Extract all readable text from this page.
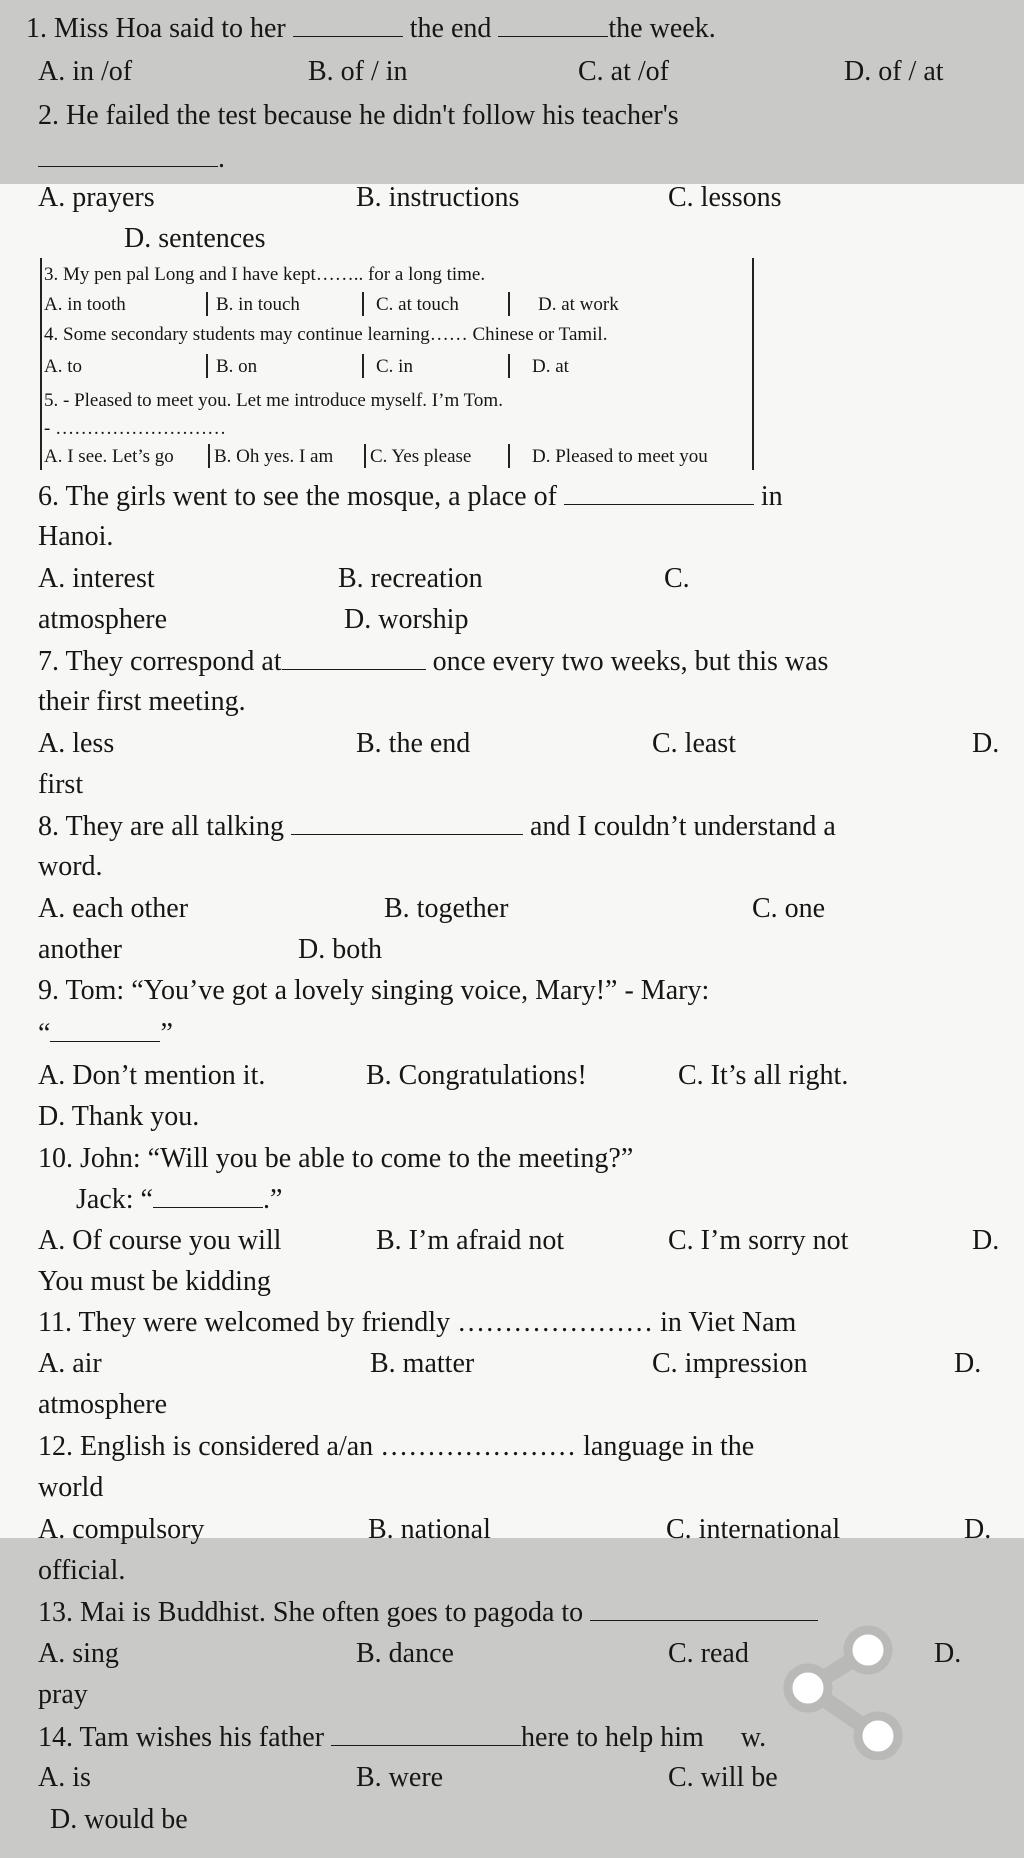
1. Miss Hoa said to her	the end	the week.
A. in /of	B. of / in	C. at /of	D. of / at
2. He failed the test because he didn't follow his teacher's
.
A. prayers	B. instructions	C. lessons
D. sentences
3. My pen pal Long and I have kept…….. for a long time.
A. in tooth	B. in touch	C. at touch	D. at work
4. Some secondary students may continue learning…… Chinese or Tamil.
A. to	B. on	C. in	D. at
5. - Pleased to meet you. Let me introduce myself. I’m Tom.
- ………………………
A. I see. Let’s go B. Oh yes. I am C. Yes please	D. Pleased to meet you
6. The girls went to see the mosque, a place of	in
Hanoi.
A. interest	B. recreation	C.
atmosphere	D. worship
7. They correspond at	once every two weeks, but this was
their first meeting.
A. less	B. the end	C. least	D.
first
8. They are all talking	and I couldn’t understand a
word.
A. each other	B. together	C. one
another	D. both
9. Tom: “You’ve got a lovely singing voice, Mary!” - Mary:
“	”
A. Don’t mention it.	B. Congratulations!	C. It’s all right.
D. Thank you.
10. John: “Will you be able to come to the meeting?”
Jack: “	.”
A. Of course you will	B. I’m afraid not	C. I’m sorry not	D.
You must be kidding
11. They were welcomed by friendly ………………… in Viet Nam
A. air	B. matter	C. impression	D.
atmosphere
12. English is considered a/an ………………… language in the
world
A. compulsory	B. national	C. international	D.
official.
13. Mai is Buddhist. She often goes to pagoda to
A. sing	B. dance	C. read	D.
pray
14. Tam wishes his father	here to help him w.
A. is	B. were	C. will be
D. would be
